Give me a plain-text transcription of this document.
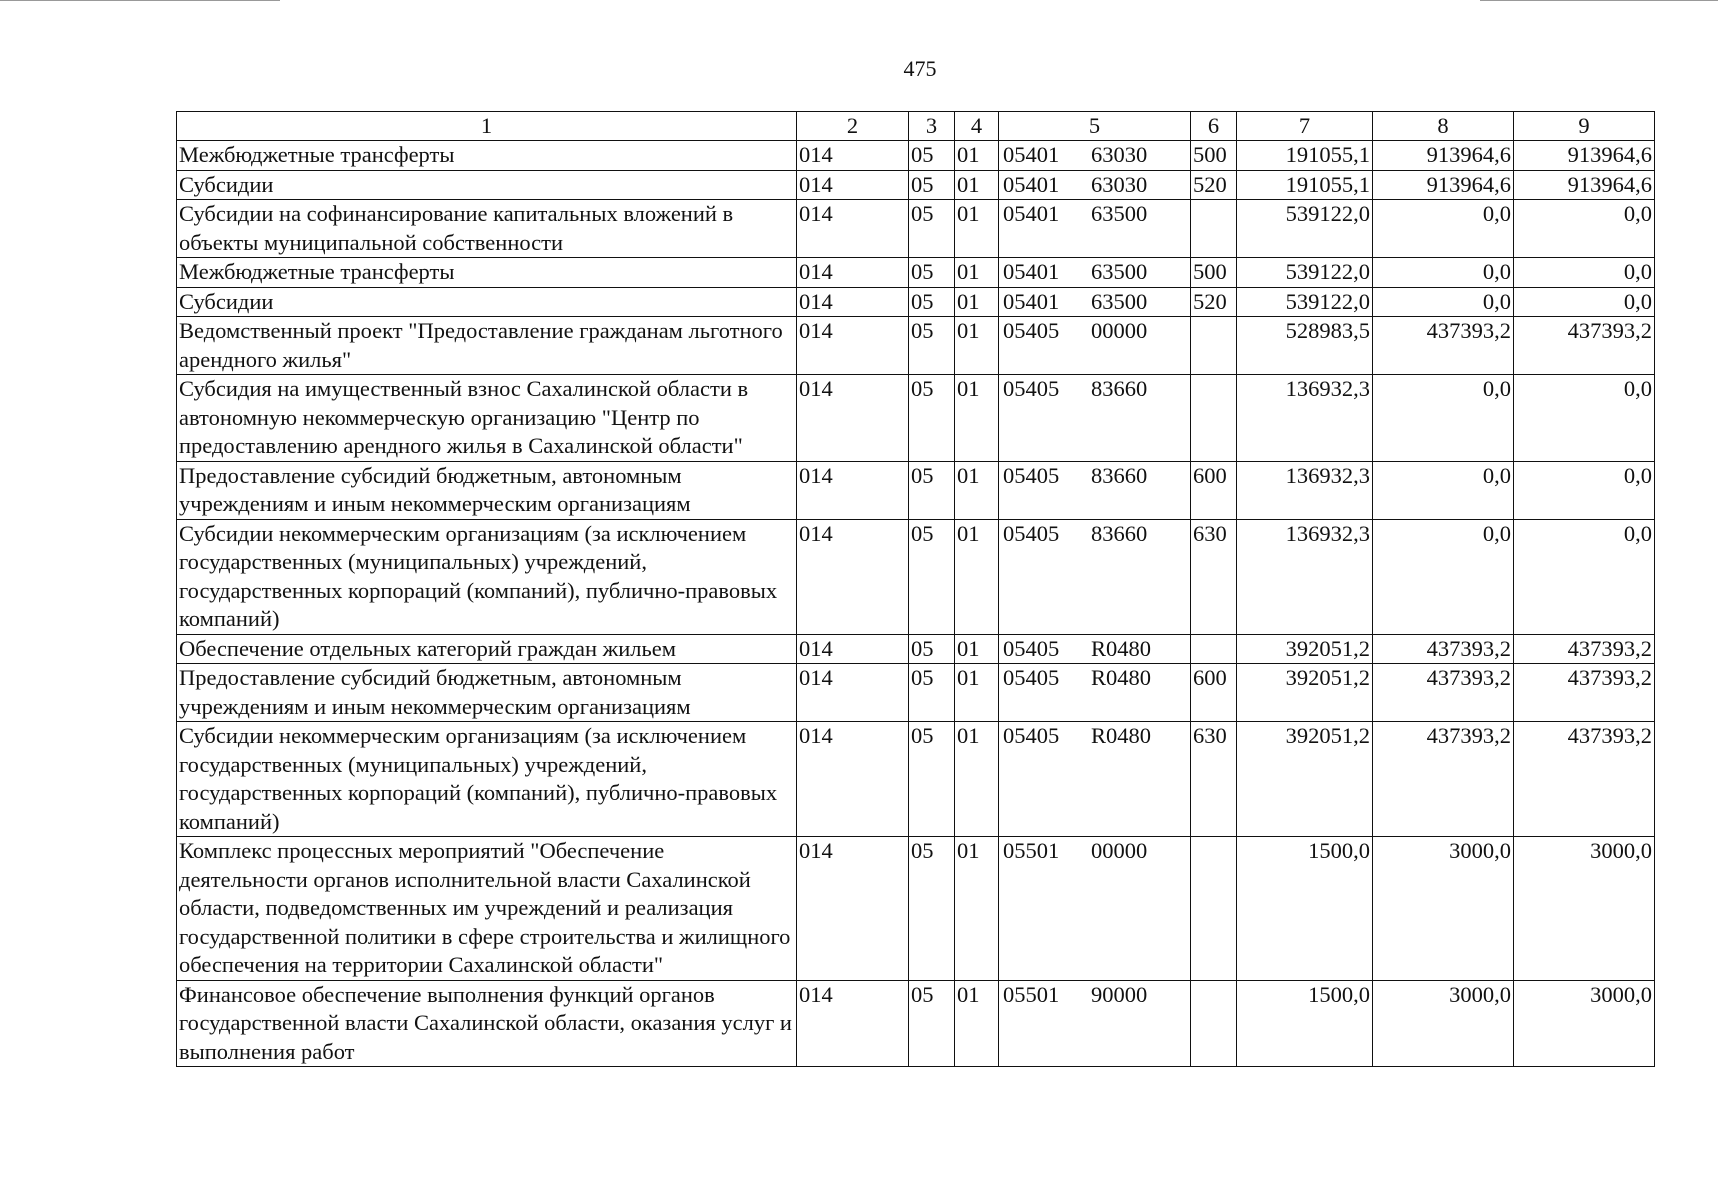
475
1	2	3	4	5	6	7	8	9
Межбюджетные трансферты	014	05	01	05401 63030	500	191055,1	913964,6	913964,6
Субсидии	014	05	01	05401 63030	520	191055,1	913964,6	913964,6
Субсидии на софинансирование капитальных вложений в объекты муниципальной собственности	014	05	01	05401 63500		539122,0	0,0	0,0
Межбюджетные трансферты	014	05	01	05401 63500	500	539122,0	0,0	0,0
Субсидии	014	05	01	05401 63500	520	539122,0	0,0	0,0
Ведомственный проект "Предоставление гражданам льготного арендного жилья"	014	05	01	05405 00000		528983,5	437393,2	437393,2
Субсидия на имущественный взнос Сахалинской области в автономную некоммерческую организацию "Центр по предоставлению арендного жилья в Сахалинской области"	014	05	01	05405 83660		136932,3	0,0	0,0
Предоставление субсидий бюджетным, автономным учреждениям и иным некоммерческим организациям	014	05	01	05405 83660	600	136932,3	0,0	0,0
Субсидии некоммерческим организациям (за исключением государственных (муниципальных) учреждений, государственных корпораций (компаний), публично-правовых компаний)	014	05	01	05405 83660	630	136932,3	0,0	0,0
Обеспечение отдельных категорий граждан жильем	014	05	01	05405 R0480		392051,2	437393,2	437393,2
Предоставление субсидий бюджетным, автономным учреждениям и иным некоммерческим организациям	014	05	01	05405 R0480	600	392051,2	437393,2	437393,2
Субсидии некоммерческим организациям (за исключением государственных (муниципальных) учреждений, государственных корпораций (компаний), публично-правовых компаний)	014	05	01	05405 R0480	630	392051,2	437393,2	437393,2
Комплекс процессных мероприятий "Обеспечение деятельности органов исполнительной власти Сахалинской области, подведомственных им учреждений и реализация государственной политики в сфере строительства и жилищного обеспечения на территории Сахалинской области"	014	05	01	05501 00000		1500,0	3000,0	3000,0
Финансовое обеспечение выполнения функций органов государственной власти Сахалинской области, оказания услуг и выполнения работ	014	05	01	05501 90000		1500,0	3000,0	3000,0
